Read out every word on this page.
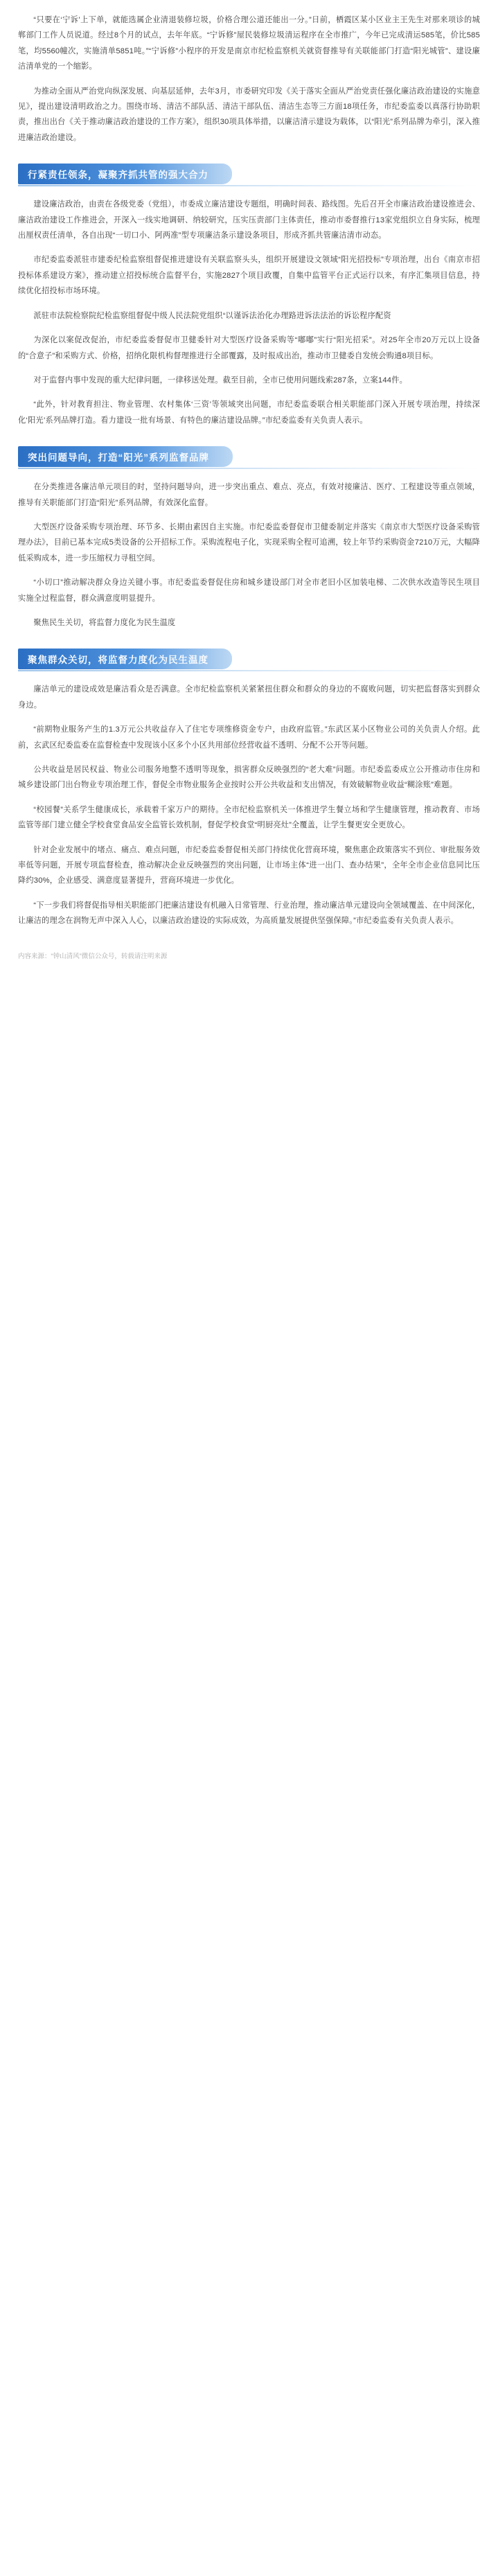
“只要在‘宁诉’上下单，就能选属企业清退装修垃圾，价格合理公道还能出一分。”日前，栖霞区某小区业主王先生对那来项诊的城郸部门工作人员说道。经过8个月的试点，去年年底。“宁诉修”屋民装修垃圾清运程序在全市推广，今年已完成清运585笔，价比585笔，均5560幢次，实施清单5851吨。”“宁诉修”小程序的开发是南京市纪检监察机关就资督推导有关联能部门打造“阳光城管”、建设廉洁清单党的一个缩影。

为推动全面从严治党向纵深发展、向基层延伸，去年3月，市委研究印发《关于落实全面从严治党责任强化廉洁政治建设的实施意见》，提出建设清明政治之力。围绕市场、清洁不部队活、清洁干部队伍、清洁生态等三方面18项任务，市纪委监委以真落行协助职责，推出出台《关于推动廉洁政治建设的工作方案》，组织30项具体举措，以廉洁清示建设为载体，以“阳光”系列品牌为牵引，深入推进廉洁政治建设。

行紧责任领条，凝聚齐抓共管的强大合力

建设廉洁政治，由责在各级党委（党组），市委成立廉洁建设专题组，明确时间表、路线图。先后召开全市廉洁政治建设推进会、廉洁政治建设工作推进会，开深入一线实地调研、纳较研究，压实压责部门主体责任，推动市委督推行13家党组织立自身实际，梳理出厘权责任清单，各自出现“一切口小、阿两准”型专项廉洁条示建设条项目，形成齐抓共管廉洁清市动态。

市纪委监委派驻市建委纪检监察组督促推进建设有关联监察头头，组织开展建设文领域“阳光招投标”专项治理，出台《南京市招投标体系建设方案》，推动建立招投标统合监督平台，实施2827个项目政覆，自集中监管平台正式运行以来，有序汇集项目信息，持续优化招投标市场环境。

派驻市法院检察院纪检监察组督促中级人民法院党组织“以谨诉法治化办理路进诉法法治的诉讼程序配资

为深化以案促改促治，市纪委监委督促市卫健委针对大型医疗设备采购等“嘟嘟”实行“阳光招采”。对25年全市20万元以上设备的“合意子”和采购方式、价格，招纳化限机构督理推进行全部覆露，及时报成出治，推动市卫健委自发统会购通8项目标。

对于监督内事中发现的重大纪律问题，一律移送处理。截至目前，全市已使用问题线索287条，立案144件。

“此外，针对教育担注、物业管理、农村集体‘三资’等领域突出问题，市纪委监委联合相关职能部门深入开展专项治理，持续深化‘阳光’系列品牌打造。看力建设一批有场景、有特色的廉洁建设品牌。”市纪委监委有关负责人表示。

突出问题导向，打造“阳光”系列监督品牌

在分类推进各廉洁单元项目的时，坚持问题导向，进一步突出重点、难点、亮点，有效对接廉洁、医疗、工程建设等重点领域，推导有关职能部门打造“阳光”系列品牌，有效深化监督。

大型医疗设备采购专项治理、环节多、长期由素因自主实施。市纪委监委督促市卫健委制定并落实《南京市大型医疗设备采购管理办法》，目前已基本完成5类设备的公开招标工作。采购流程电子化，实现采购全程可追溯，较上年节约采购资金7210万元，大幅降低采购成本，进一步压缩权力寻租空间。

“小切口”推动解决群众身边关键小事。市纪委监委督促住房和城乡建设部门对全市老旧小区加装电梯、二次供水改造等民生项目实施全过程监督，群众满意度明显提升。

聚焦民生关切，将监督力度化为民生温度

聚焦群众关切，将监督力度化为民生温度

廉洁单元的建设成效是廉洁看众是否满意。全市纪检监察机关紧紧扭住群众和群众的身边的不腐败问题，切实把监督落实到群众身边。

“前期物业服务产生的1.3万元公共收益存入了住宅专项维修资金专户，由政府监管。”东武区某小区物业公司的关负责人介绍。此前，玄武区纪委监委在监督检查中发现该小区多个小区共用部位经营收益不透明、分配不公开等问题。

公共收益是居民权益、物业公司服务地整不透明等现象，损害群众反映强烈的“老大难”问题。市纪委监委成立公开推动市住房和城乡建设部门出台物业专项治理工作，督促全市物业服务企业按时公开公共收益和支出情况，有效破解物业收益“糊涂账”难题。

“校园餐”关系学生健康成长，承载着千家万户的期待。全市纪检监察机关一体推进学生餐立场和学生健康管理，推动教育、市场监管等部门建立健全学校食堂食品安全监管长效机制，督促学校食堂“明厨亮灶”全覆盖，让学生餐更安全更放心。

针对企业发展中的堵点、痛点、难点问题，市纪委监委督促相关部门持续优化营商环境，聚焦惠企政策落实不到位、审批服务效率低等问题，开展专项监督检查，推动解决企业反映强烈的突出问题，让市场主体“进一出门、查办结果”，全年全市企业信息同比压降约30%，企业感受、满意度显著提升，营商环境进一步优化。

“下一步我们将督促指导相关职能部门把廉洁建设有机融入日常管理、行业治理，推动廉洁单元建设向全领域覆盖、在中间深化，让廉洁的理念在润物无声中深入人心，以廉洁政治建设的实际成效，为高质量发展提供坚强保障。”市纪委监委有关负责人表示。

内容来源：“钟山清风”微信公众号，转载请注明来源
